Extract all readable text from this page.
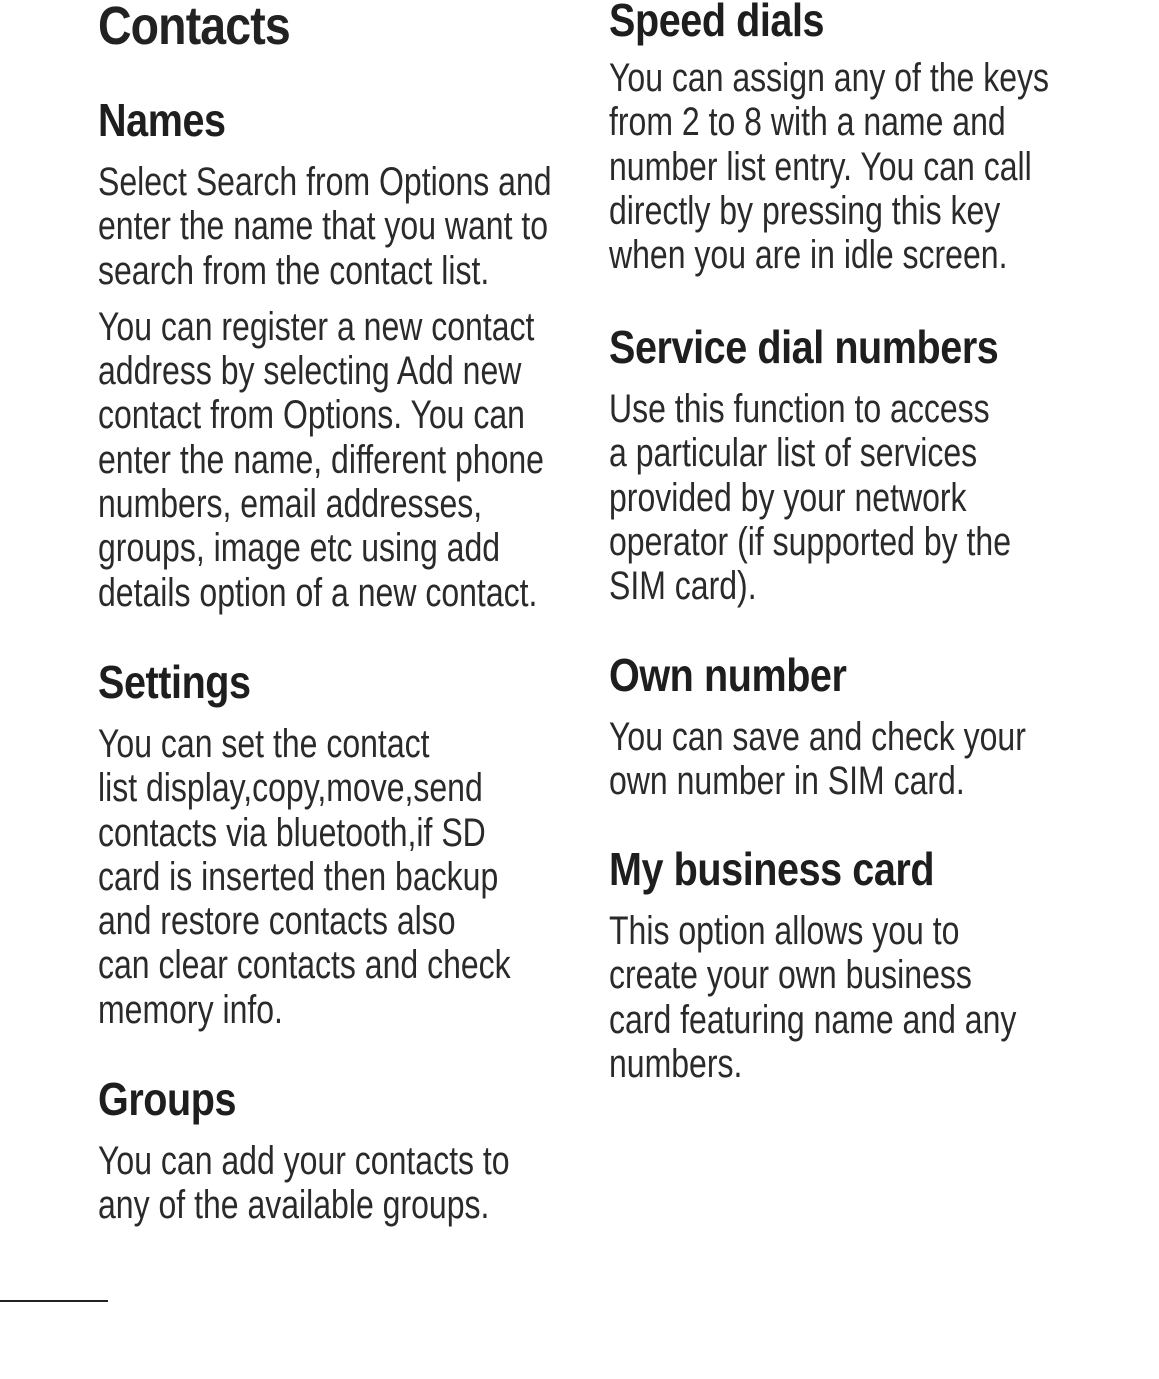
Contacts
Names

Select Search from Options and
enter the name that you want to
search from the contact list.

You can register a new contact
address by selecting Add new
contact from Options. You can
enter the name, different phone
numbers, email addresses,
groups, image etc using add
details option of a new contact.

Settings

You can set the contact
list display,copy,move,send
contacts via bluetooth,if SD
card is inserted then backup
and restore contacts also
can clear contacts and check
memory info.

Groups

You can add your contacts to
any of the available groups.

Speed dials

You can assign any of the keys
from 2 to 8 with a name and
number list entry. You can call
directly by pressing this key
when you are in idle screen.

Service dial numbers

Use this function to access
a particular list of services
provided by your network
operator (if supported by the
SIM card).

Own number

You can save and check your
own number in SIM card.

My business card

This option allows you to
create your own business
card featuring name and any
numbers.
